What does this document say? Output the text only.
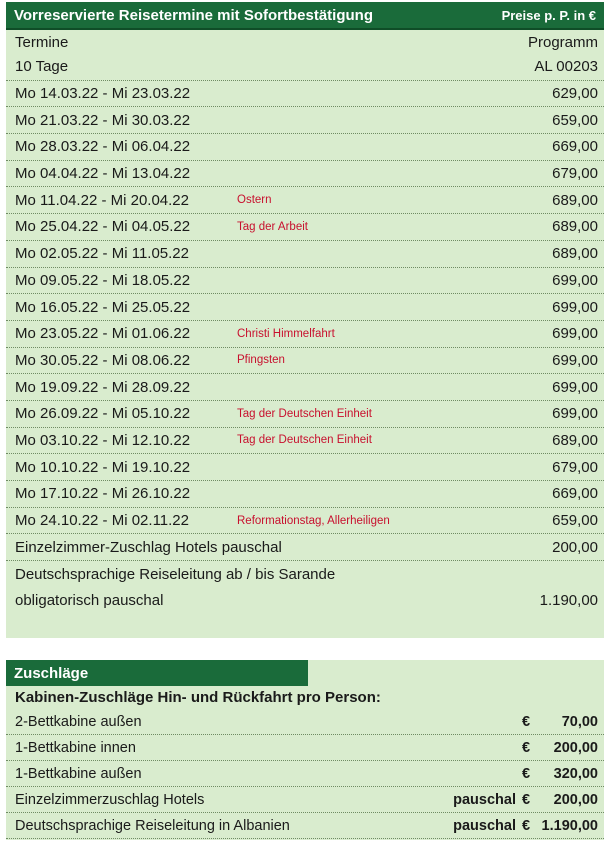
Vorreservierte Reisetermine mit Sofortbestätigung	Preise p. P. in €
Termine	Programm
10 Tage	AL 00203
Mo 14.03.22 - Mi 23.03.22	629,00
Mo 21.03.22 - Mi 30.03.22	659,00
Mo 28.03.22 - Mi 06.04.22	669,00
Mo 04.04.22 - Mi 13.04.22	679,00
Mo 11.04.22 - Mi 20.04.22	Ostern	689,00
Mo 25.04.22 - Mi 04.05.22	Tag der Arbeit	689,00
Mo 02.05.22 - Mi 11.05.22	689,00
Mo 09.05.22 - Mi 18.05.22	699,00
Mo 16.05.22 - Mi 25.05.22	699,00
Mo 23.05.22 - Mi 01.06.22	Christi Himmelfahrt	699,00
Mo 30.05.22 - Mi 08.06.22	Pfingsten	699,00
Mo 19.09.22 - Mi 28.09.22	699,00
Mo 26.09.22 - Mi 05.10.22	Tag der Deutschen Einheit	699,00
Mo 03.10.22 - Mi 12.10.22	Tag der Deutschen Einheit	689,00
Mo 10.10.22 - Mi 19.10.22	679,00
Mo 17.10.22 - Mi 26.10.22	669,00
Mo 24.10.22 - Mi 02.11.22	Reformationstag, Allerheiligen	659,00
Einzelzimmer-Zuschlag Hotels pauschal	200,00
Deutschsprachige Reiseleitung ab / bis Sarande
obligatorisch pauschal	1.190,00
Zuschläge
Kabinen-Zuschläge Hin- und Rückfahrt pro Person:
2-Bettkabine außen	€	70,00
1-Bettkabine innen	€	200,00
1-Bettkabine außen	€	320,00
Einzelzimmerzuschlag Hotels	pauschal €	200,00
Deutschsprachige Reiseleitung in Albanien	pauschal € 1.190,00
